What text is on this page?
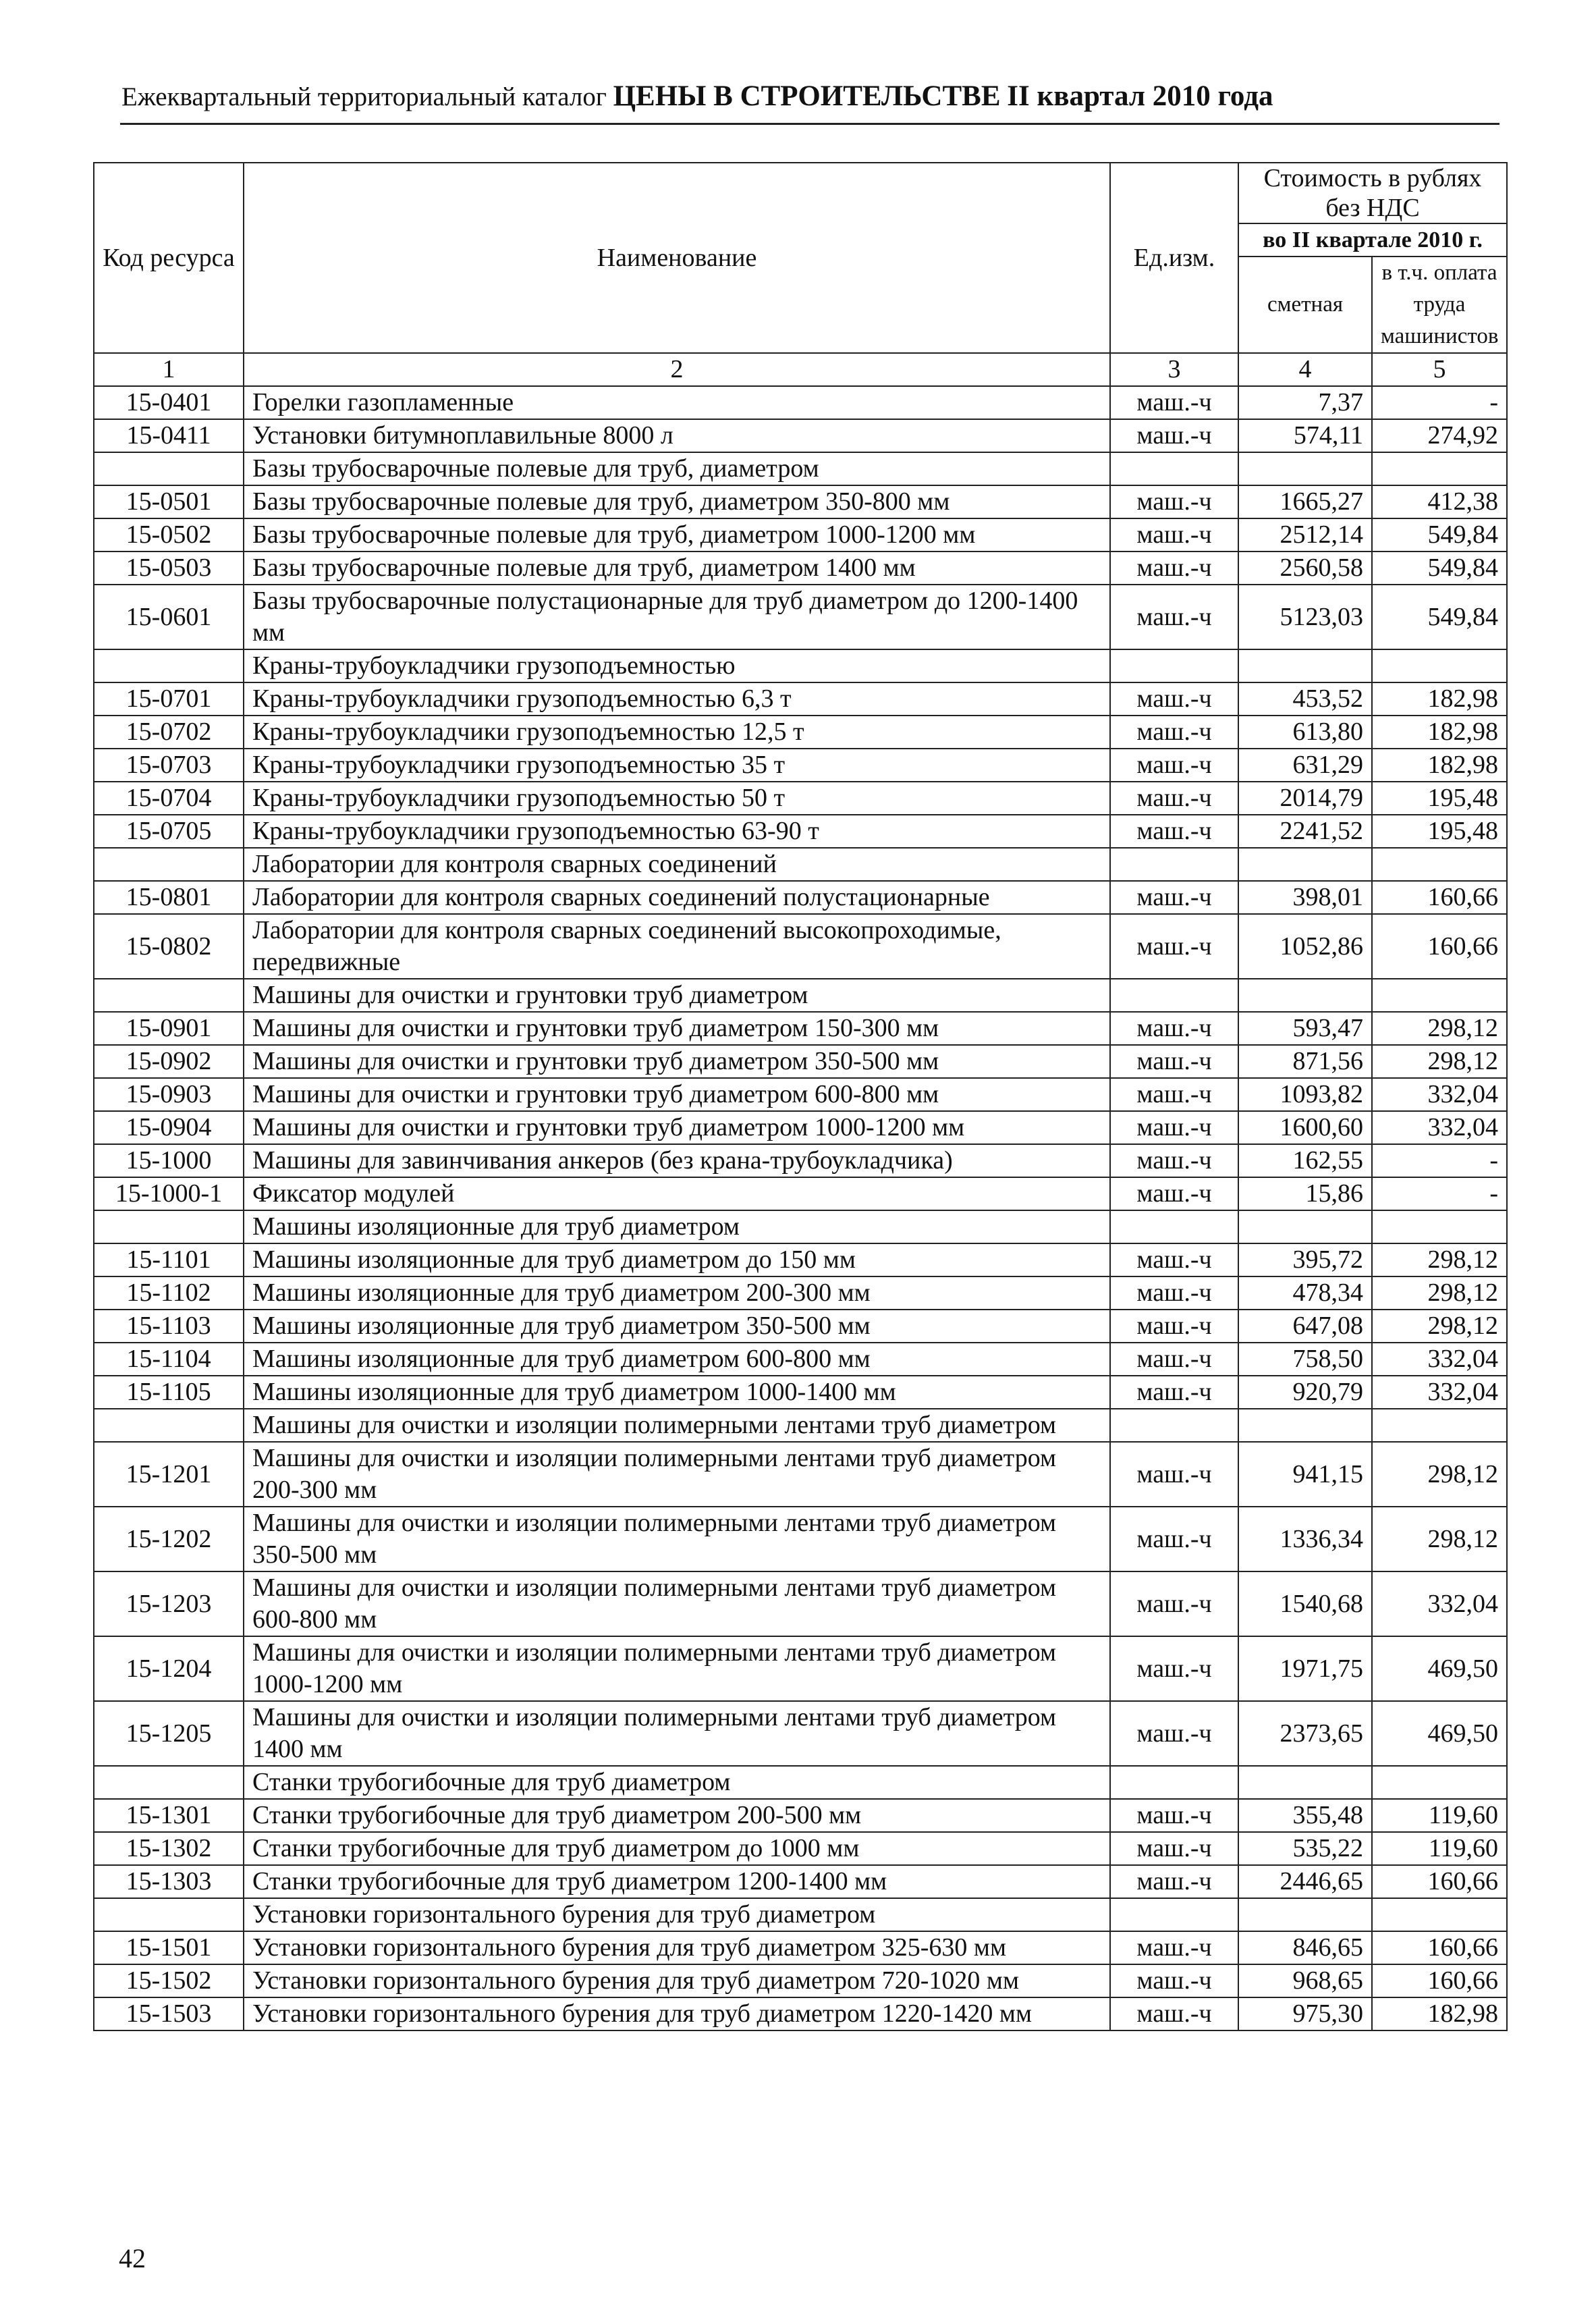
Ежеквартальный территориальный каталог ЦЕНЫ В СТРОИТЕЛЬСТВЕ II квартал 2010 года
Код ресурса	Наименование	Ед.изм.	Стоимость в рублях без НДС	
			во II квартале 2010 г.	
			сметная	в т.ч. оплата труда машинистов
1	2	3	4	5
15-0401	Горелки газопламенные	маш.-ч	7,37	-
15-0411	Установки битумноплавильные 8000 л	маш.-ч	574,11	274,92
	Базы трубосварочные полевые для труб, диаметром			
15-0501	Базы трубосварочные полевые для труб, диаметром 350-800 мм	маш.-ч	1665,27	412,38
15-0502	Базы трубосварочные полевые для труб, диаметром 1000-1200 мм	маш.-ч	2512,14	549,84
15-0503	Базы трубосварочные полевые для труб, диаметром 1400 мм	маш.-ч	2560,58	549,84
15-0601	Базы трубосварочные полустационарные для труб диаметром до 1200-1400 мм	маш.-ч	5123,03	549,84
	Краны-трубоукладчики грузоподъемностью			
15-0701	Краны-трубоукладчики грузоподъемностью 6,3 т	маш.-ч	453,52	182,98
15-0702	Краны-трубоукладчики грузоподъемностью 12,5 т	маш.-ч	613,80	182,98
15-0703	Краны-трубоукладчики грузоподъемностью 35 т	маш.-ч	631,29	182,98
15-0704	Краны-трубоукладчики грузоподъемностью 50 т	маш.-ч	2014,79	195,48
15-0705	Краны-трубоукладчики грузоподъемностью 63-90 т	маш.-ч	2241,52	195,48
	Лаборатории для контроля сварных соединений			
15-0801	Лаборатории для контроля сварных соединений полустационарные	маш.-ч	398,01	160,66
15-0802	Лаборатории для контроля сварных соединений высокопроходимые, передвижные	маш.-ч	1052,86	160,66
	Машины для очистки и грунтовки труб диаметром			
15-0901	Машины для очистки и грунтовки труб диаметром 150-300 мм	маш.-ч	593,47	298,12
15-0902	Машины для очистки и грунтовки труб диаметром 350-500 мм	маш.-ч	871,56	298,12
15-0903	Машины для очистки и грунтовки труб диаметром 600-800 мм	маш.-ч	1093,82	332,04
15-0904	Машины для очистки и грунтовки труб диаметром 1000-1200 мм	маш.-ч	1600,60	332,04
15-1000	Машины для завинчивания анкеров (без крана-трубоукладчика)	маш.-ч	162,55	-
15-1000-1	Фиксатор модулей	маш.-ч	15,86	-
	Машины изоляционные для труб диаметром			
15-1101	Машины изоляционные для труб диаметром до 150 мм	маш.-ч	395,72	298,12
15-1102	Машины изоляционные для труб диаметром 200-300 мм	маш.-ч	478,34	298,12
15-1103	Машины изоляционные для труб диаметром 350-500 мм	маш.-ч	647,08	298,12
15-1104	Машины изоляционные для труб диаметром 600-800 мм	маш.-ч	758,50	332,04
15-1105	Машины изоляционные для труб диаметром 1000-1400 мм	маш.-ч	920,79	332,04
	Машины для очистки и изоляции полимерными лентами труб диаметром			
15-1201	Машины для очистки и изоляции полимерными лентами труб диаметром 200-300 мм	маш.-ч	941,15	298,12
15-1202	Машины для очистки и изоляции полимерными лентами труб диаметром 350-500 мм	маш.-ч	1336,34	298,12
15-1203	Машины для очистки и изоляции полимерными лентами труб диаметром 600-800 мм	маш.-ч	1540,68	332,04
15-1204	Машины для очистки и изоляции полимерными лентами труб диаметром 1000-1200 мм	маш.-ч	1971,75	469,50
15-1205	Машины для очистки и изоляции полимерными лентами труб диаметром 1400 мм	маш.-ч	2373,65	469,50
	Станки трубогибочные для труб диаметром			
15-1301	Станки трубогибочные для труб диаметром 200-500 мм	маш.-ч	355,48	119,60
15-1302	Станки трубогибочные для труб диаметром до 1000 мм	маш.-ч	535,22	119,60
15-1303	Станки трубогибочные для труб диаметром 1200-1400 мм	маш.-ч	2446,65	160,66
	Установки горизонтального бурения для труб диаметром			
15-1501	Установки горизонтального бурения для труб диаметром 325-630 мм	маш.-ч	846,65	160,66
15-1502	Установки горизонтального бурения для труб диаметром 720-1020 мм	маш.-ч	968,65	160,66
15-1503	Установки горизонтального бурения для труб диаметром 1220-1420 мм	маш.-ч	975,30	182,98
42
